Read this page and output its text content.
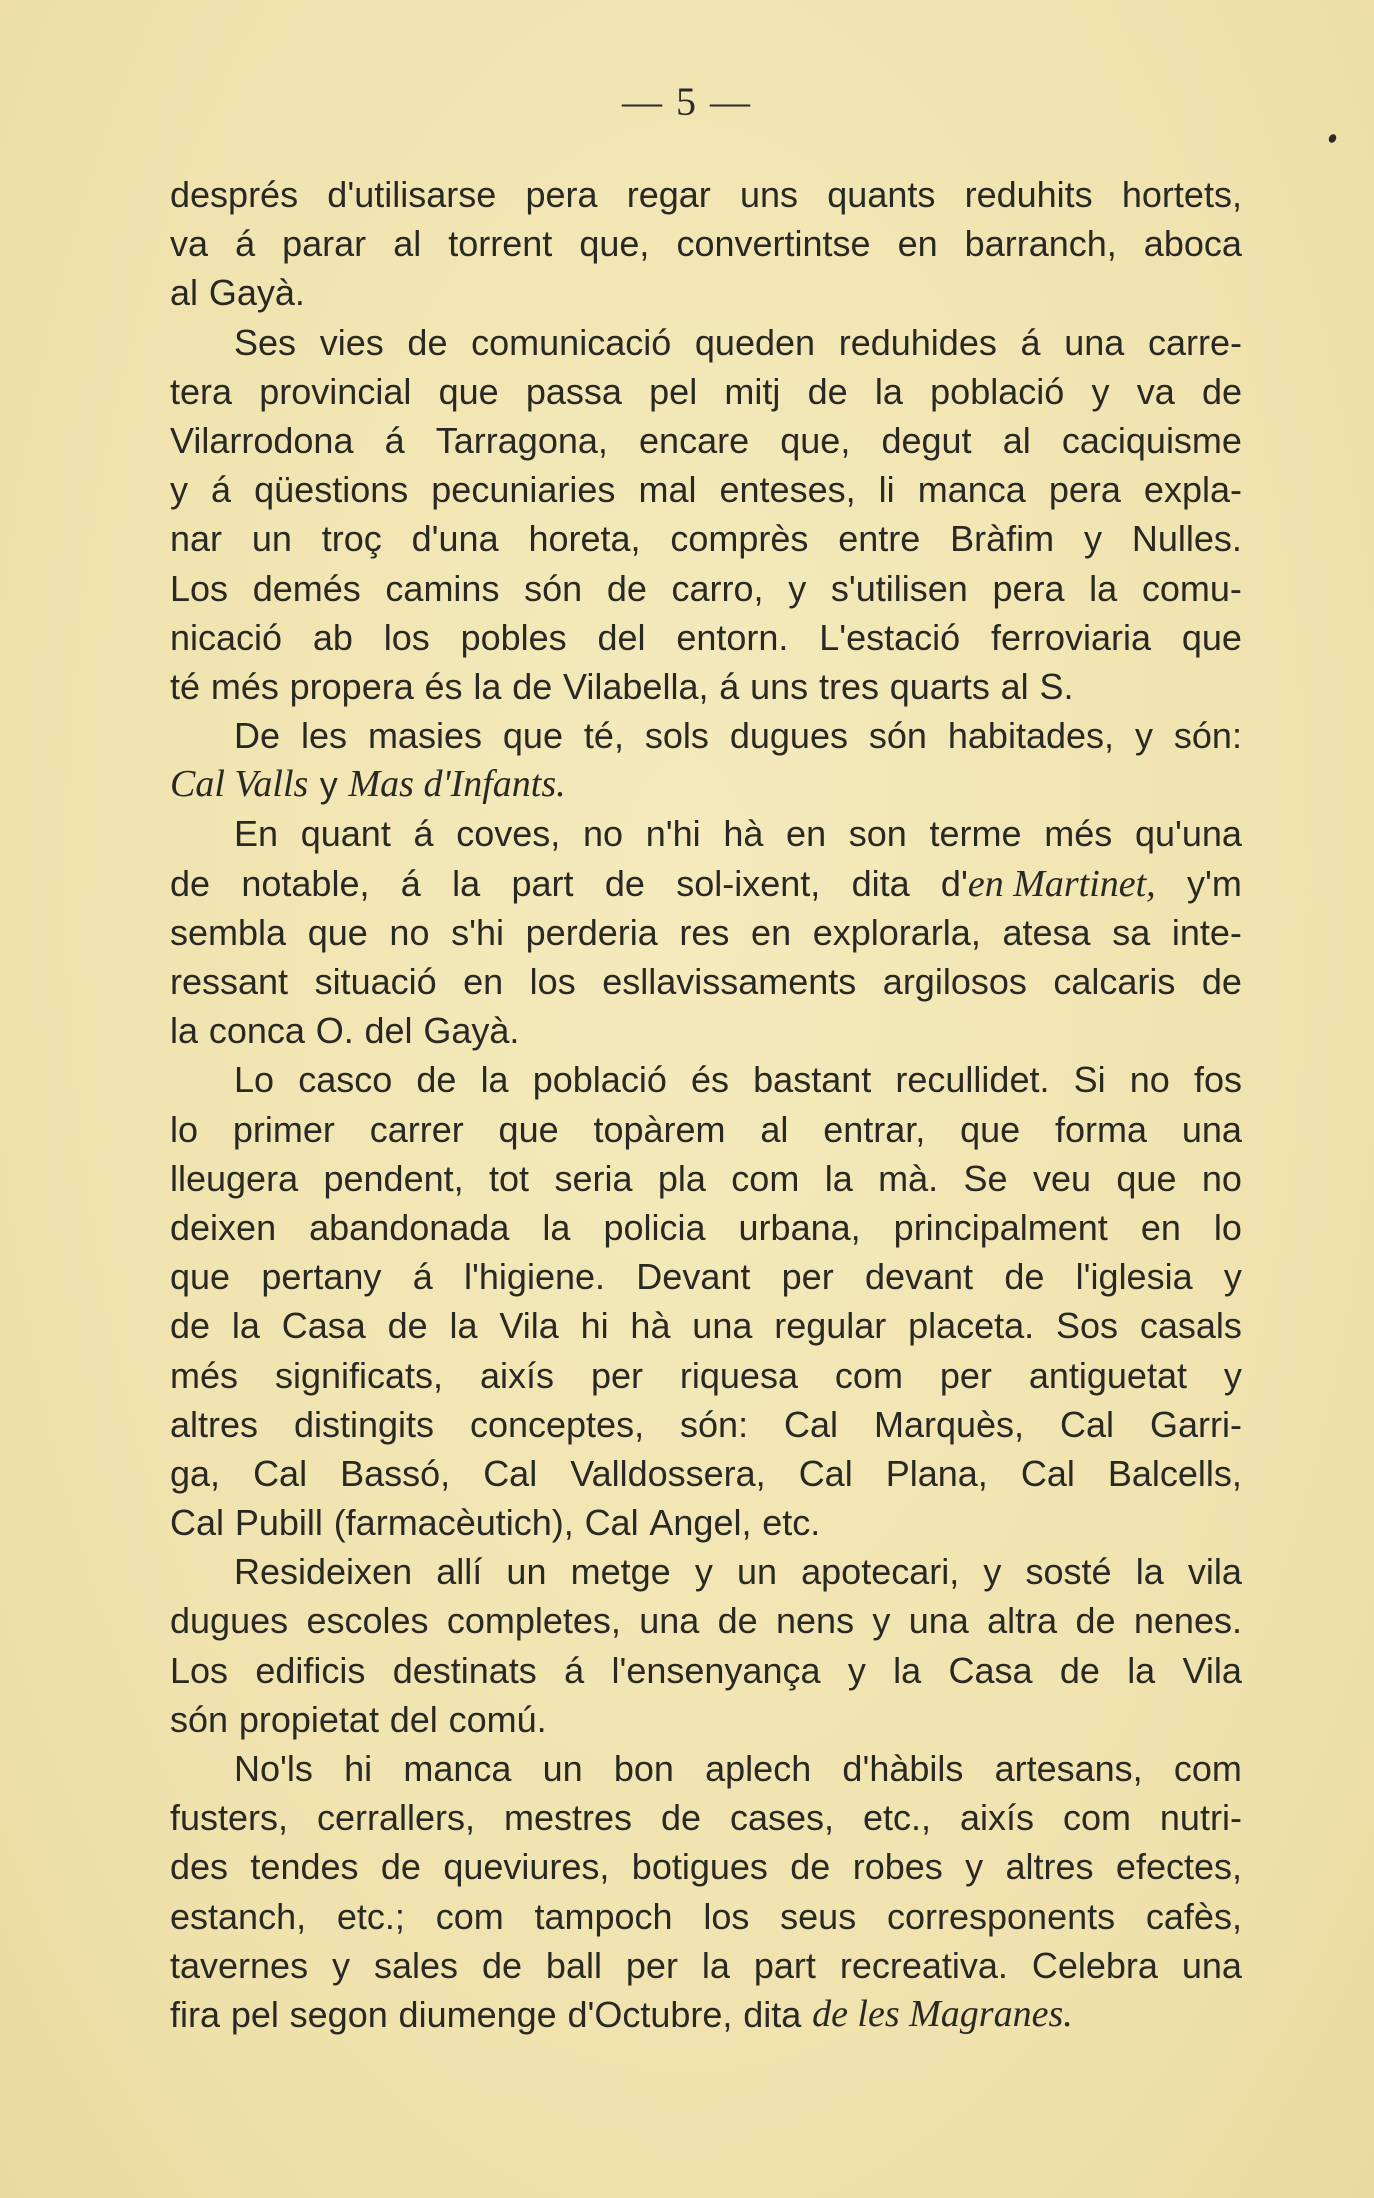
— 5 —
després d'utilisarse pera regar uns quants reduhits hortets,
va á parar al torrent que, convertintse en barranch, aboca
al Gayà.
Ses vies de comunicació queden reduhides á una carre-
tera provincial que passa pel mitj de la població y va de
Vilarrodona á Tarragona, encare que, degut al caciquisme
y á qüestions pecuniaries mal enteses, li manca pera expla-
nar un troç d'una horeta, comprès entre Bràfim y Nulles.
Los demés camins són de carro, y s'utilisen pera la comu-
nicació ab los pobles del entorn. L'estació ferroviaria que
té més propera és la de Vilabella, á uns tres quarts al S.
De les masies que té, sols dugues són habitades, y són:
Cal Valls y Mas d'Infants.
En quant á coves, no n'hi hà en son terme més qu'una
de notable, á la part de sol-ixent, dita d'en Martinet, y'm
sembla que no s'hi perderia res en explorarla, atesa sa inte-
ressant situació en los esllavissaments argilosos calcaris de
la conca O. del Gayà.
Lo casco de la població és bastant recullidet. Si no fos
lo primer carrer que topàrem al entrar, que forma una
lleugera pendent, tot seria pla com la mà. Se veu que no
deixen abandonada la policia urbana, principalment en lo
que pertany á l'higiene. Devant per devant de l'iglesia y
de la Casa de la Vila hi hà una regular placeta. Sos casals
més significats, aixís per riquesa com per antiguetat y
altres distingits conceptes, són: Cal Marquès, Cal Garri-
ga, Cal Bassó, Cal Valldossera, Cal Plana, Cal Balcells,
Cal Pubill (farmacèutich), Cal Angel, etc.
Resideixen allí un metge y un apotecari, y sosté la vila
dugues escoles completes, una de nens y una altra de nenes.
Los edificis destinats á l'ensenyança y la Casa de la Vila
són propietat del comú.
No'ls hi manca un bon aplech d'hàbils artesans, com
fusters, cerrallers, mestres de cases, etc., aixís com nutri-
des tendes de queviures, botigues de robes y altres efectes,
estanch, etc.; com tampoch los seus corresponents cafès,
tavernes y sales de ball per la part recreativa. Celebra una
fira pel segon diumenge d'Octubre, dita de les Magranes.
